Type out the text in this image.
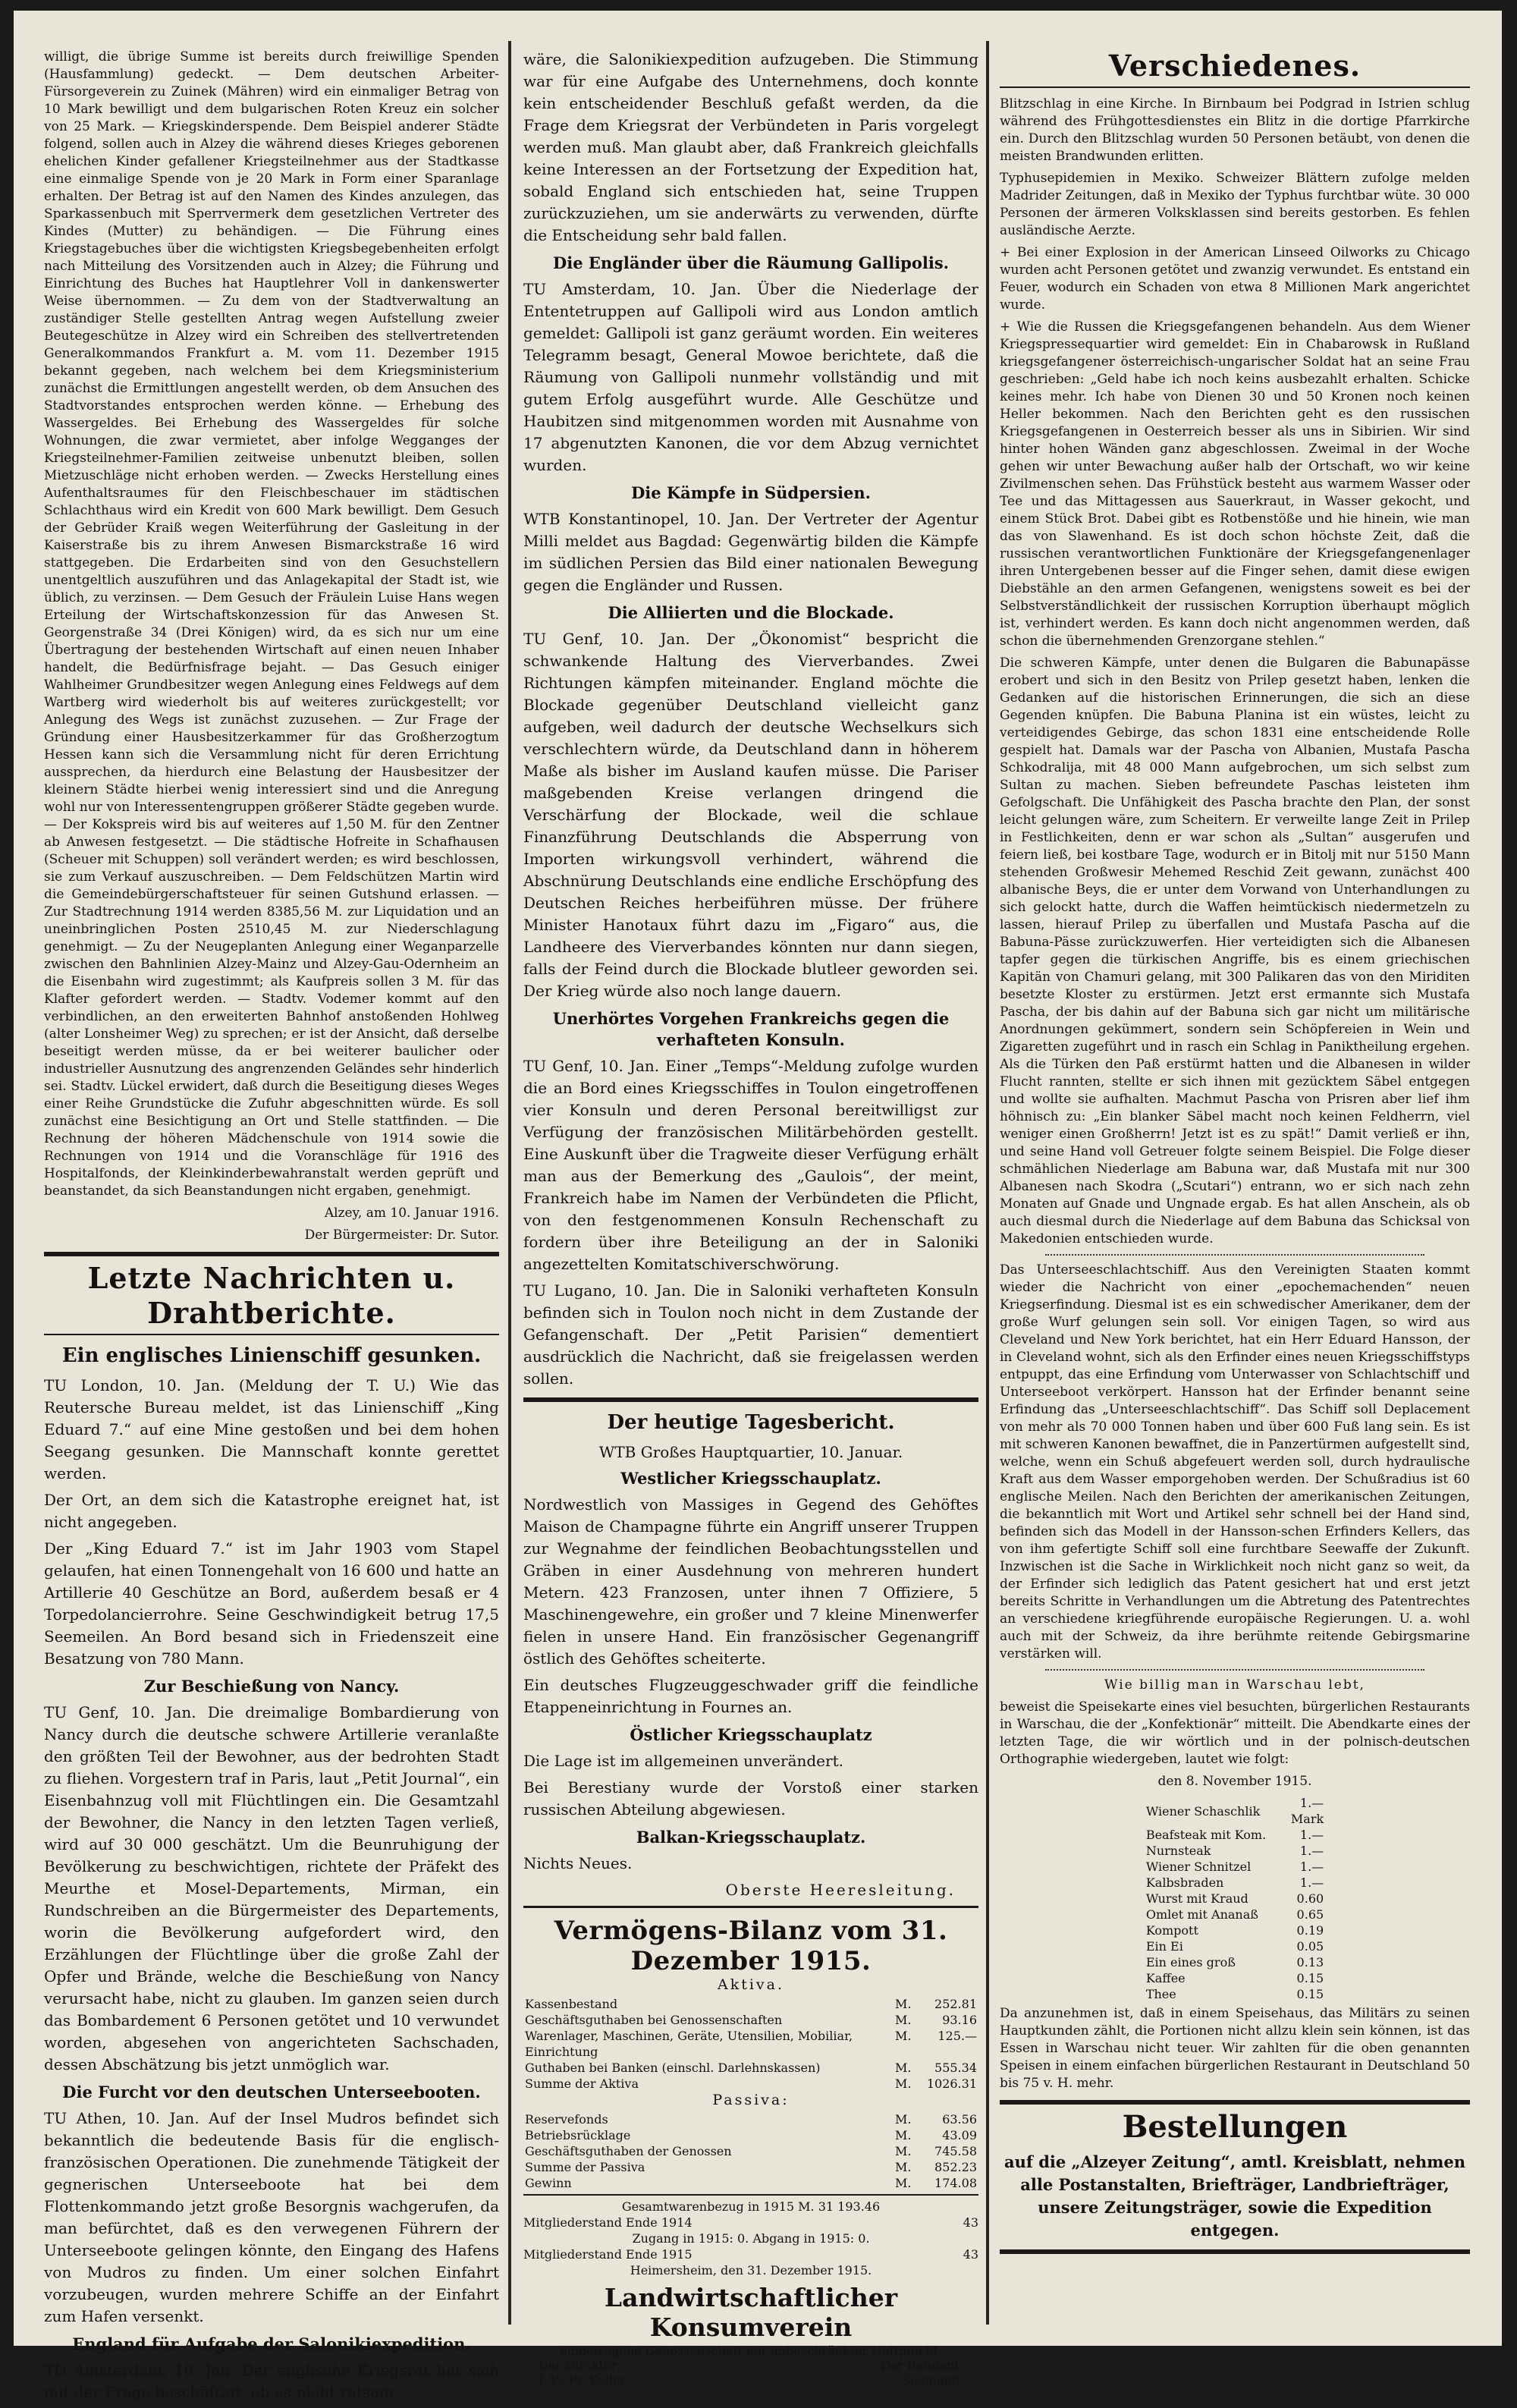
willigt, die übrige Summe ist bereits durch freiwillige Spenden (Hausfammlung) gedeckt. — Dem deutschen Arbeiter-Fürsorgeverein zu Zuinek (Mähren) wird ein einmaliger Betrag von 10 Mark bewilligt und dem bulgarischen Roten Kreuz ein solcher von 25 Mark. — Kriegskinderspende. Dem Beispiel anderer Städte folgend, sollen auch in Alzey die während dieses Krieges geborenen ehelichen Kinder gefallener Kriegsteilnehmer aus der Stadtkasse eine einmalige Spende von je 20 Mark in Form einer Sparanlage erhalten. Der Betrag ist auf den Namen des Kindes anzulegen, das Sparkassenbuch mit Sperrvermerk dem gesetzlichen Vertreter des Kindes (Mutter) zu behändigen. — Die Führung eines Kriegstagebuches über die wichtigsten Kriegsbegebenheiten erfolgt nach Mitteilung des Vorsitzenden auch in Alzey; die Führung und Einrichtung des Buches hat Hauptlehrer Voll in dankenswerter Weise übernommen. — Zu dem von der Stadtverwaltung an zuständiger Stelle gestellten Antrag wegen Aufstellung zweier Beutegeschütze in Alzey wird ein Schreiben des stellvertretenden Generalkommandos Frankfurt a. M. vom 11. Dezember 1915 bekannt gegeben, nach welchem bei dem Kriegsministerium zunächst die Ermittlungen angestellt werden, ob dem Ansuchen des Stadtvorstandes entsprochen werden könne. — Erhebung des Wassergeldes. Bei Erhebung des Wassergeldes für solche Wohnungen, die zwar vermietet, aber infolge Wegganges der Kriegsteilnehmer-Familien zeitweise unbenutzt bleiben, sollen Mietzuschläge nicht erhoben werden. — Zwecks Herstellung eines Aufenthaltsraumes für den Fleischbeschauer im städtischen Schlachthaus wird ein Kredit von 600 Mark bewilligt. Dem Gesuch der Gebrüder Kraiß wegen Weiterführung der Gasleitung in der Kaiserstraße bis zu ihrem Anwesen Bismarckstraße 16 wird stattgegeben. Die Erdarbeiten sind von den Gesuchstellern unentgeltlich auszuführen und das Anlagekapital der Stadt ist, wie üblich, zu verzinsen. — Dem Gesuch der Fräulein Luise Hans wegen Erteilung der Wirtschaftskonzession für das Anwesen St. Georgenstraße 34 (Drei Königen) wird, da es sich nur um eine Übertragung der bestehenden Wirtschaft auf einen neuen Inhaber handelt, die Bedürfnisfrage bejaht. — Das Gesuch einiger Wahlheimer Grundbesitzer wegen Anlegung eines Feldwegs auf dem Wartberg wird wiederholt bis auf weiteres zurückgestellt; vor Anlegung des Wegs ist zunächst zuzusehen. — Zur Frage der Gründung einer Hausbesitzerkammer für das Großherzogtum Hessen kann sich die Versammlung nicht für deren Errichtung aussprechen, da hierdurch eine Belastung der Hausbesitzer der kleinern Städte hierbei wenig interessiert sind und die Anregung wohl nur von Interessentengruppen größerer Städte gegeben wurde. — Der Kokspreis wird bis auf weiteres auf 1,50 M. für den Zentner ab Anwesen festgesetzt. — Die städtische Hofreite in Schafhausen (Scheuer mit Schuppen) soll verändert werden; es wird beschlossen, sie zum Verkauf auszuschreiben. — Dem Feldschützen Martin wird die Gemeindebürgerschaftsteuer für seinen Gutshund erlassen. — Zur Stadtrechnung 1914 werden 8385,56 M. zur Liquidation und an uneinbringlichen Posten 2510,45 M. zur Niederschlagung genehmigt. — Zu der Neugeplanten Anlegung einer Weganparzelle zwischen den Bahnlinien Alzey-Mainz und Alzey-Gau-Odernheim an die Eisenbahn wird zugestimmt; als Kaufpreis sollen 3 M. für das Klafter gefordert werden. — Stadtv. Vodemer kommt auf den verbindlichen, an den erweiterten Bahnhof anstoßenden Hohlweg (alter Lonsheimer Weg) zu sprechen; er ist der Ansicht, daß derselbe beseitigt werden müsse, da er bei weiterer baulicher oder industrieller Ausnutzung des angrenzenden Geländes sehr hinderlich sei. Stadtv. Lückel erwidert, daß durch die Beseitigung dieses Weges einer Reihe Grundstücke die Zufuhr abgeschnitten würde. Es soll zunächst eine Besichtigung an Ort und Stelle stattfinden. — Die Rechnung der höheren Mädchenschule von 1914 sowie die Rechnungen von 1914 und die Voranschläge für 1916 des Hospitalfonds, der Kleinkinderbewahranstalt werden geprüft und beanstandet, da sich Beanstandungen nicht ergaben, genehmigt.

Alzey, am 10. Januar 1916.

Der Bürgermeister: Dr. Sutor.

Letzte Nachrichten u. Drahtberichte.
Ein englisches Linienschiff gesunken.

TU London, 10. Jan. (Meldung der T. U.) Wie das Reutersche Bureau meldet, ist das Linienschiff „King Eduard 7.“ auf eine Mine gestoßen und bei dem hohen Seegang gesunken. Die Mannschaft konnte gerettet werden.

Der Ort, an dem sich die Katastrophe ereignet hat, ist nicht angegeben.

Der „King Eduard 7.“ ist im Jahr 1903 vom Stapel gelaufen, hat einen Tonnengehalt von 16 600 und hatte an Artillerie 40 Geschütze an Bord, außerdem besaß er 4 Torpedolancierrohre. Seine Geschwindigkeit betrug 17,5 Seemeilen. An Bord besand sich in Friedenszeit eine Besatzung von 780 Mann.

Zur Beschießung von Nancy.

TU Genf, 10. Jan. Die dreimalige Bombardierung von Nancy durch die deutsche schwere Artillerie veranlaßte den größten Teil der Bewohner, aus der bedrohten Stadt zu fliehen. Vorgestern traf in Paris, laut „Petit Journal“, ein Eisenbahnzug voll mit Flüchtlingen ein. Die Gesamtzahl der Bewohner, die Nancy in den letzten Tagen verließ, wird auf 30 000 geschätzt. Um die Beunruhigung der Bevölkerung zu beschwichtigen, richtete der Präfekt des Meurthe et Mosel-Departements, Mirman, ein Rundschreiben an die Bürgermeister des Departements, worin die Bevölkerung aufgefordert wird, den Erzählungen der Flüchtlinge über die große Zahl der Opfer und Brände, welche die Beschießung von Nancy verursacht habe, nicht zu glauben. Im ganzen seien durch das Bombardement 6 Personen getötet und 10 verwundet worden, abgesehen von angerichteten Sachschaden, dessen Abschätzung bis jetzt unmöglich war.

Die Furcht vor den deutschen Unterseebooten.

TU Athen, 10. Jan. Auf der Insel Mudros befindet sich bekanntlich die bedeutende Basis für die englisch-französischen Operationen. Die zunehmende Tätigkeit der gegnerischen Unterseeboote hat bei dem Flottenkommando jetzt große Besorgnis wachgerufen, da man befürchtet, daß es den verwegenen Führern der Unterseeboote gelingen könnte, den Eingang des Hafens von Mudros zu finden. Um einer solchen Einfahrt vorzubeugen, wurden mehrere Schiffe an der Einfahrt zum Hafen versenkt.

England für Aufgabe der Salonikiexpedition.

TU Amsterdam, 10. Jan. Der englische Kriegsrat hat sich mit der Frage beschäftigt, ob es nicht ratsam

wäre, die Salonikiexpedition aufzugeben. Die Stimmung war für eine Aufgabe des Unternehmens, doch konnte kein entscheidender Beschluß gefaßt werden, da die Frage dem Kriegsrat der Verbündeten in Paris vorgelegt werden muß. Man glaubt aber, daß Frankreich gleichfalls keine Interessen an der Fortsetzung der Expedition hat, sobald England sich entschieden hat, seine Truppen zurückzuziehen, um sie anderwärts zu verwenden, dürfte die Entscheidung sehr bald fallen.

Die Engländer über die Räumung Gallipolis.

TU Amsterdam, 10. Jan. Über die Niederlage der Ententetruppen auf Gallipoli wird aus London amtlich gemeldet: Gallipoli ist ganz geräumt worden. Ein weiteres Telegramm besagt, General Mowoe berichtete, daß die Räumung von Gallipoli nunmehr vollständig und mit gutem Erfolg ausgeführt wurde. Alle Geschütze und Haubitzen sind mitgenommen worden mit Ausnahme von 17 abgenutzten Kanonen, die vor dem Abzug vernichtet wurden.

Die Kämpfe in Südpersien.

WTB Konstantinopel, 10. Jan. Der Vertreter der Agentur Milli meldet aus Bagdad: Gegenwärtig bilden die Kämpfe im südlichen Persien das Bild einer nationalen Bewegung gegen die Engländer und Russen.

Die Alliierten und die Blockade.

TU Genf, 10. Jan. Der „Ökonomist“ bespricht die schwankende Haltung des Vierverbandes. Zwei Richtungen kämpfen miteinander. England möchte die Blockade gegenüber Deutschland vielleicht ganz aufgeben, weil dadurch der deutsche Wechselkurs sich verschlechtern würde, da Deutschland dann in höherem Maße als bisher im Ausland kaufen müsse. Die Pariser maßgebenden Kreise verlangen dringend die Verschärfung der Blockade, weil die schlaue Finanzführung Deutschlands die Absperrung von Importen wirkungsvoll verhindert, während die Abschnürung Deutschlands eine endliche Erschöpfung des Deutschen Reiches herbeiführen müsse. Der frühere Minister Hanotaux führt dazu im „Figaro“ aus, die Landheere des Vierverbandes könnten nur dann siegen, falls der Feind durch die Blockade blutleer geworden sei. Der Krieg würde also noch lange dauern.

Unerhörtes Vorgehen Frankreichs gegen die verhafteten Konsuln.

TU Genf, 10. Jan. Einer „Temps“-Meldung zufolge wurden die an Bord eines Kriegsschiffes in Toulon eingetroffenen vier Konsuln und deren Personal bereitwilligst zur Verfügung der französischen Militärbehörden gestellt. Eine Auskunft über die Tragweite dieser Verfügung erhält man aus der Bemerkung des „Gaulois“, der meint, Frankreich habe im Namen der Verbündeten die Pflicht, von den festgenommenen Konsuln Rechenschaft zu fordern über ihre Beteiligung an der in Saloniki angezettelten Komitatschiverschwörung.

TU Lugano, 10. Jan. Die in Saloniki verhafteten Konsuln befinden sich in Toulon noch nicht in dem Zustande der Gefangenschaft. Der „Petit Parisien“ dementiert ausdrücklich die Nachricht, daß sie freigelassen werden sollen.

Der heutige Tagesbericht.

WTB Großes Hauptquartier, 10. Januar.

Westlicher Kriegsschauplatz.

Nordwestlich von Massiges in Gegend des Gehöftes Maison de Champagne führte ein Angriff unserer Truppen zur Wegnahme der feindlichen Beobachtungsstellen und Gräben in einer Ausdehnung von mehreren hundert Metern. 423 Franzosen, unter ihnen 7 Offiziere, 5 Maschinengewehre, ein großer und 7 kleine Minenwerfer fielen in unsere Hand. Ein französischer Gegenangriff östlich des Gehöftes scheiterte.

Ein deutsches Flugzeuggeschwader griff die feindliche Etappeneinrichtung in Fournes an.

Östlicher Kriegsschauplatz

Die Lage ist im allgemeinen unverändert.

Bei Berestiany wurde der Vorstoß einer starken russischen Abteilung abgewiesen.

Balkan-Kriegsschauplatz.

Nichts Neues.

Oberste Heeresleitung.

Vermögens-Bilanz vom 31. Dezember 1915.
Aktiva.
Kassenbestand	M.	252.81
Geschäftsguthaben bei Genossenschaften	M.	93.16
Warenlager, Maschinen, Geräte, Utensilien, Mobiliar, Einrichtung	M.	125.—
Guthaben bei Banken (einschl. Darlehnskassen)	M.	555.34
Summe der Aktiva	M.	1026.31
Passiva:
Reservefonds	M.	63.56
Betriebsrücklage	M.	43.09
Geschäftsguthaben der Genossen	M.	745.58
Summe der Passiva	M.	852.23
Gewinn	M.	174.08
Gesamtwarenbezug in 1915 M. 31 193.46
Mitgliederstand Ende 1914	43
Zugang in 1915: 0. Abgang in 1915: 0.
Mitgliederstand Ende 1915	43
Heimersheim, den 31. Dezember 1915.
Landwirtschaftlicher Konsumverein
eingetragene Genossenschaft mit unbeschränkter Haftpflicht.
Der Direktor:	Der Rendant:
J. V.: Fr. Keller.	Seemann.
Verschiedenes.

Blitzschlag in eine Kirche. In Birnbaum bei Podgrad in Istrien schlug während des Frühgottesdienstes ein Blitz in die dortige Pfarrkirche ein. Durch den Blitzschlag wurden 50 Personen betäubt, von denen die meisten Brandwunden erlitten.

Typhusepidemien in Mexiko. Schweizer Blättern zufolge melden Madrider Zeitungen, daß in Mexiko der Typhus furchtbar wüte. 30 000 Personen der ärmeren Volksklassen sind bereits gestorben. Es fehlen ausländische Aerzte.

+ Bei einer Explosion in der American Linseed Oilworks zu Chicago wurden acht Personen getötet und zwanzig verwundet. Es entstand ein Feuer, wodurch ein Schaden von etwa 8 Millionen Mark angerichtet wurde.

+ Wie die Russen die Kriegsgefangenen behandeln. Aus dem Wiener Kriegspressequartier wird gemeldet: Ein in Chabarowsk in Rußland kriegsgefangener österreichisch-ungarischer Soldat hat an seine Frau geschrieben: „Geld habe ich noch keins ausbezahlt erhalten. Schicke keines mehr. Ich habe von Dienen 30 und 50 Kronen noch keinen Heller bekommen. Nach den Berichten geht es den russischen Kriegsgefangenen in Oesterreich besser als uns in Sibirien. Wir sind hinter hohen Wänden ganz abgeschlossen. Zweimal in der Woche gehen wir unter Bewachung außer halb der Ortschaft, wo wir keine Zivilmenschen sehen. Das Frühstück besteht aus warmem Wasser oder Tee und das Mittagessen aus Sauerkraut, in Wasser gekocht, und einem Stück Brot. Dabei gibt es Rotbenstöße und hie hinein, wie man das von Slawenhand. Es ist doch schon höchste Zeit, daß die russischen verantwortlichen Funktionäre der Kriegsgefangenenlager ihren Untergebenen besser auf die Finger sehen, damit diese ewigen Diebstähle an den armen Gefangenen, wenigstens soweit es bei der Selbstverständlichkeit der russischen Korruption überhaupt möglich ist, verhindert werden. Es kann doch nicht angenommen werden, daß schon die übernehmenden Grenzorgane stehlen.“

Die schweren Kämpfe, unter denen die Bulgaren die Babunapässe erobert und sich in den Besitz von Prilep gesetzt haben, lenken die Gedanken auf die historischen Erinnerungen, die sich an diese Gegenden knüpfen. Die Babuna Planina ist ein wüstes, leicht zu verteidigendes Gebirge, das schon 1831 eine entscheidende Rolle gespielt hat. Damals war der Pascha von Albanien, Mustafa Pascha Schkodralija, mit 48 000 Mann aufgebrochen, um sich selbst zum Sultan zu machen. Sieben befreundete Paschas leisteten ihm Gefolgschaft. Die Unfähigkeit des Pascha brachte den Plan, der sonst leicht gelungen wäre, zum Scheitern. Er verweilte lange Zeit in Prilep in Festlichkeiten, denn er war schon als „Sultan“ ausgerufen und feiern ließ, bei kostbare Tage, wodurch er in Bitolj mit nur 5150 Mann stehenden Großwesir Mehemed Reschid Zeit gewann, zunächst 400 albanische Beys, die er unter dem Vorwand von Unterhandlungen zu sich gelockt hatte, durch die Waffen heimtückisch niedermetzeln zu lassen, hierauf Prilep zu überfallen und Mustafa Pascha auf die Babuna-Pässe zurückzuwerfen. Hier verteidigten sich die Albanesen tapfer gegen die türkischen Angriffe, bis es einem griechischen Kapitän von Chamuri gelang, mit 300 Palikaren das von den Miriditen besetzte Kloster zu erstürmen. Jetzt erst ermannte sich Mustafa Pascha, der bis dahin auf der Babuna sich gar nicht um militärische Anordnungen gekümmert, sondern sein Schöpfereien in Wein und Zigaretten zugeführt und in rasch ein Schlag in Paniktheilung ergehen. Als die Türken den Paß erstürmt hatten und die Albanesen in wilder Flucht rannten, stellte er sich ihnen mit gezücktem Säbel entgegen und wollte sie aufhalten. Machmut Pascha von Prisren aber lief ihm höhnisch zu: „Ein blanker Säbel macht noch keinen Feldherrn, viel weniger einen Großherrn! Jetzt ist es zu spät!“ Damit verließ er ihn, und seine Hand voll Getreuer folgte seinem Beispiel. Die Folge dieser schmählichen Niederlage am Babuna war, daß Mustafa mit nur 300 Albanesen nach Skodra („Scutari“) entrann, wo er sich nach zehn Monaten auf Gnade und Ungnade ergab. Es hat allen Anschein, als ob auch diesmal durch die Niederlage auf dem Babuna das Schicksal von Makedonien entschieden wurde.

Das Unterseeschlachtschiff. Aus den Vereinigten Staaten kommt wieder die Nachricht von einer „epochemachenden“ neuen Kriegserfindung. Diesmal ist es ein schwedischer Amerikaner, dem der große Wurf gelungen sein soll. Vor einigen Tagen, so wird aus Cleveland und New York berichtet, hat ein Herr Eduard Hansson, der in Cleveland wohnt, sich als den Erfinder eines neuen Kriegsschiffstyps entpuppt, das eine Erfindung vom Unterwasser von Schlachtschiff und Unterseeboot verkörpert. Hansson hat der Erfinder benannt seine Erfindung das „Unterseeschlachtschiff“. Das Schiff soll Deplacement von mehr als 70 000 Tonnen haben und über 600 Fuß lang sein. Es ist mit schweren Kanonen bewaffnet, die in Panzertürmen aufgestellt sind, welche, wenn ein Schuß abgefeuert werden soll, durch hydraulische Kraft aus dem Wasser emporgehoben werden. Der Schußradius ist 60 englische Meilen. Nach den Berichten der amerikanischen Zeitungen, die bekanntlich mit Wort und Artikel sehr schnell bei der Hand sind, befinden sich das Modell in der Hansson-schen Erfinders Kellers, das von ihm gefertigte Schiff soll eine furchtbare Seewaffe der Zukunft. Inzwischen ist die Sache in Wirklichkeit noch nicht ganz so weit, da der Erfinder sich lediglich das Patent gesichert hat und erst jetzt bereits Schritte in Verhandlungen um die Abtretung des Patentrechtes an verschiedene kriegführende europäische Regierungen. U. a. wohl auch mit der Schweiz, da ihre berühmte reitende Gebirgsmarine verstärken will.

Wie billig man in Warschau lebt,

beweist die Speisekarte eines viel besuchten, bürgerlichen Restaurants in Warschau, die der „Konfektionär“ mitteilt. Die Abendkarte eines der letzten Tage, die wir wörtlich und in der polnisch-deutschen Orthographie wiedergeben, lautet wie folgt:

den 8. November 1915.

Wiener Schaschlik	1.— Mark
Beafsteak mit Kom.	1.—
Nurnsteak	1.—
Wiener Schnitzel	1.—
Kalbsbraden	1.—
Wurst mit Kraud	0.60
Omlet mit Ananaß	0.65
Kompott	0.19
Ein Ei	0.05
Ein eines groß	0.13
Kaffee	0.15
Thee	0.15

Da anzunehmen ist, daß in einem Speisehaus, das Militärs zu seinen Hauptkunden zählt, die Portionen nicht allzu klein sein können, ist das Essen in Warschau nicht teuer. Wir zahlten für die oben genannten Speisen in einem einfachen bürgerlichen Restaurant in Deutschland 50 bis 75 v. H. mehr.

Bestellungen

auf die „Alzeyer Zeitung“, amtl. Kreisblatt, nehmen alle Postanstalten, Briefträger, Landbriefträger, unsere Zeitungsträger, sowie die Expedition entgegen.
